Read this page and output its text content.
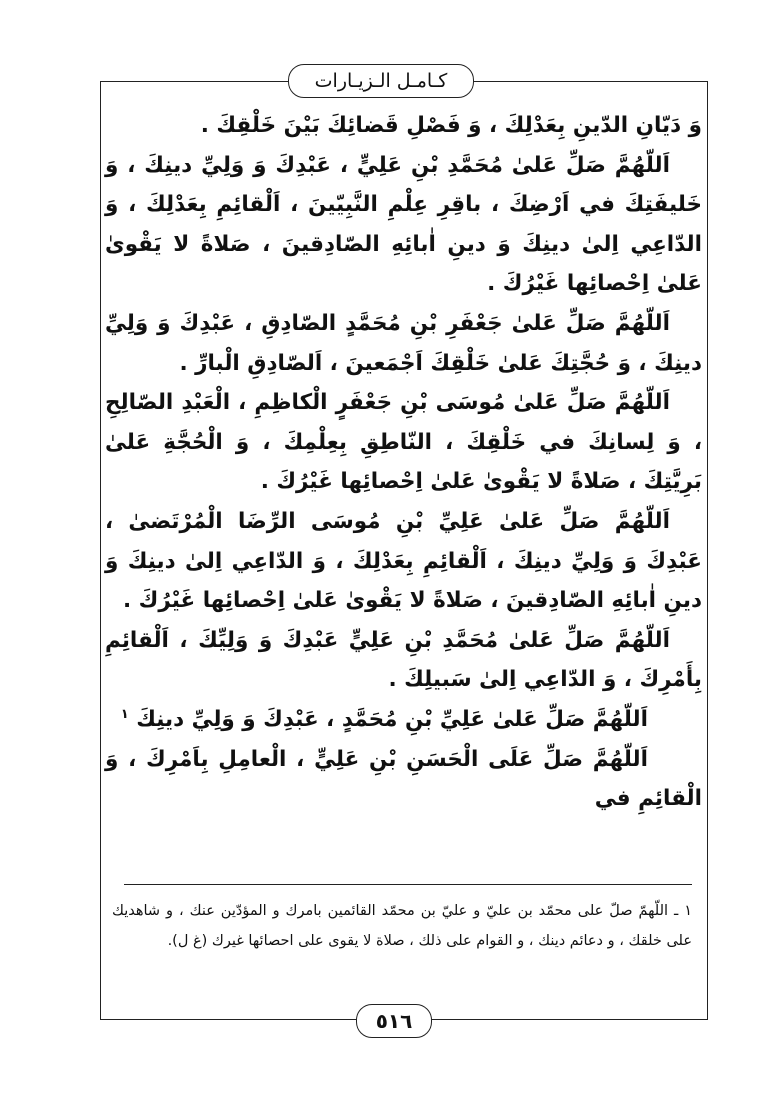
كـامـل الـزيـارات

وَ دَيّانِ الدّينِ بِعَدْلِكَ ، وَ فَصْلِ قَضائِكَ بَيْنَ خَلْقِكَ .

اَللّهُمَّ صَلِّ عَلىٰ مُحَمَّدِ بْنِ عَلِيٍّ ، عَبْدِكَ وَ وَلِيِّ دينِكَ ، وَ خَليفَتِكَ في اَرْضِكَ ، باقِرِ عِلْمِ النَّبِيّينَ ، اَلْقائِمِ بِعَدْلِكَ ، وَ الدّاعِي اِلىٰ دينِكَ وَ دينِ اٰبائِهِ الصّادِقينَ ، صَلاةً لا يَقْوىٰ عَلىٰ اِحْصائِها غَيْرُكَ .

اَللّهُمَّ صَلِّ عَلىٰ جَعْفَرِ بْنِ مُحَمَّدٍ الصّادِقِ ، عَبْدِكَ وَ وَلِيِّ دينِكَ ، وَ حُجَّتِكَ عَلىٰ خَلْقِكَ اَجْمَعينَ ، اَلصّادِقِ الْبارِّ .

اَللّهُمَّ صَلِّ عَلىٰ مُوسَى بْنِ جَعْفَرٍ الْكاظِمِ ، الْعَبْدِ الصّالِحِ ، وَ لِسانِكَ في خَلْقِكَ ، النّاطِقِ بِعِلْمِكَ ، وَ الْحُجَّةِ عَلىٰ بَرِيَّتِكَ ، صَلاةً لا يَقْوىٰ عَلىٰ اِحْصائِها غَيْرُكَ .

اَللّهُمَّ صَلِّ عَلىٰ عَلِيِّ بْنِ مُوسَى الرِّضَا الْمُرْتَضىٰ ، عَبْدِكَ وَ وَلِيِّ دينِكَ ، اَلْقائِمِ بِعَدْلِكَ ، وَ الدّاعِي اِلىٰ دينِكَ وَ دينِ اٰبائِهِ الصّادِقينَ ، صَلاةً لا يَقْوىٰ عَلىٰ اِحْصائِها غَيْرُكَ .

اَللّهُمَّ صَلِّ عَلىٰ مُحَمَّدِ بْنِ عَلِيٍّ عَبْدِكَ وَ وَلِيِّكَ ، اَلْقائِمِ بِأَمْرِكَ ، وَ الدّاعِي اِلىٰ سَبيلِكَ .

اَللّهُمَّ صَلِّ عَلىٰ عَلِيِّ بْنِ مُحَمَّدٍ ، عَبْدِكَ وَ وَلِيِّ دينِكَ $^١$

اَللّهُمَّ صَلِّ عَلَى الْحَسَنِ بْنِ عَلِيٍّ ، الْعامِلِ بِاَمْرِكَ ، وَ الْقائِمِ في

١ ـ اللّهمّ صلّ على محمّد بن عليّ و عليّ بن محمّد القائمين بامرك و المؤدّين عنك ، و شاهديك على خلقك ، و دعائم دينك ، و القوام على ذلك ، صلاة لا يقوى على احصائها غيرك (غ ل).
٥١٦
